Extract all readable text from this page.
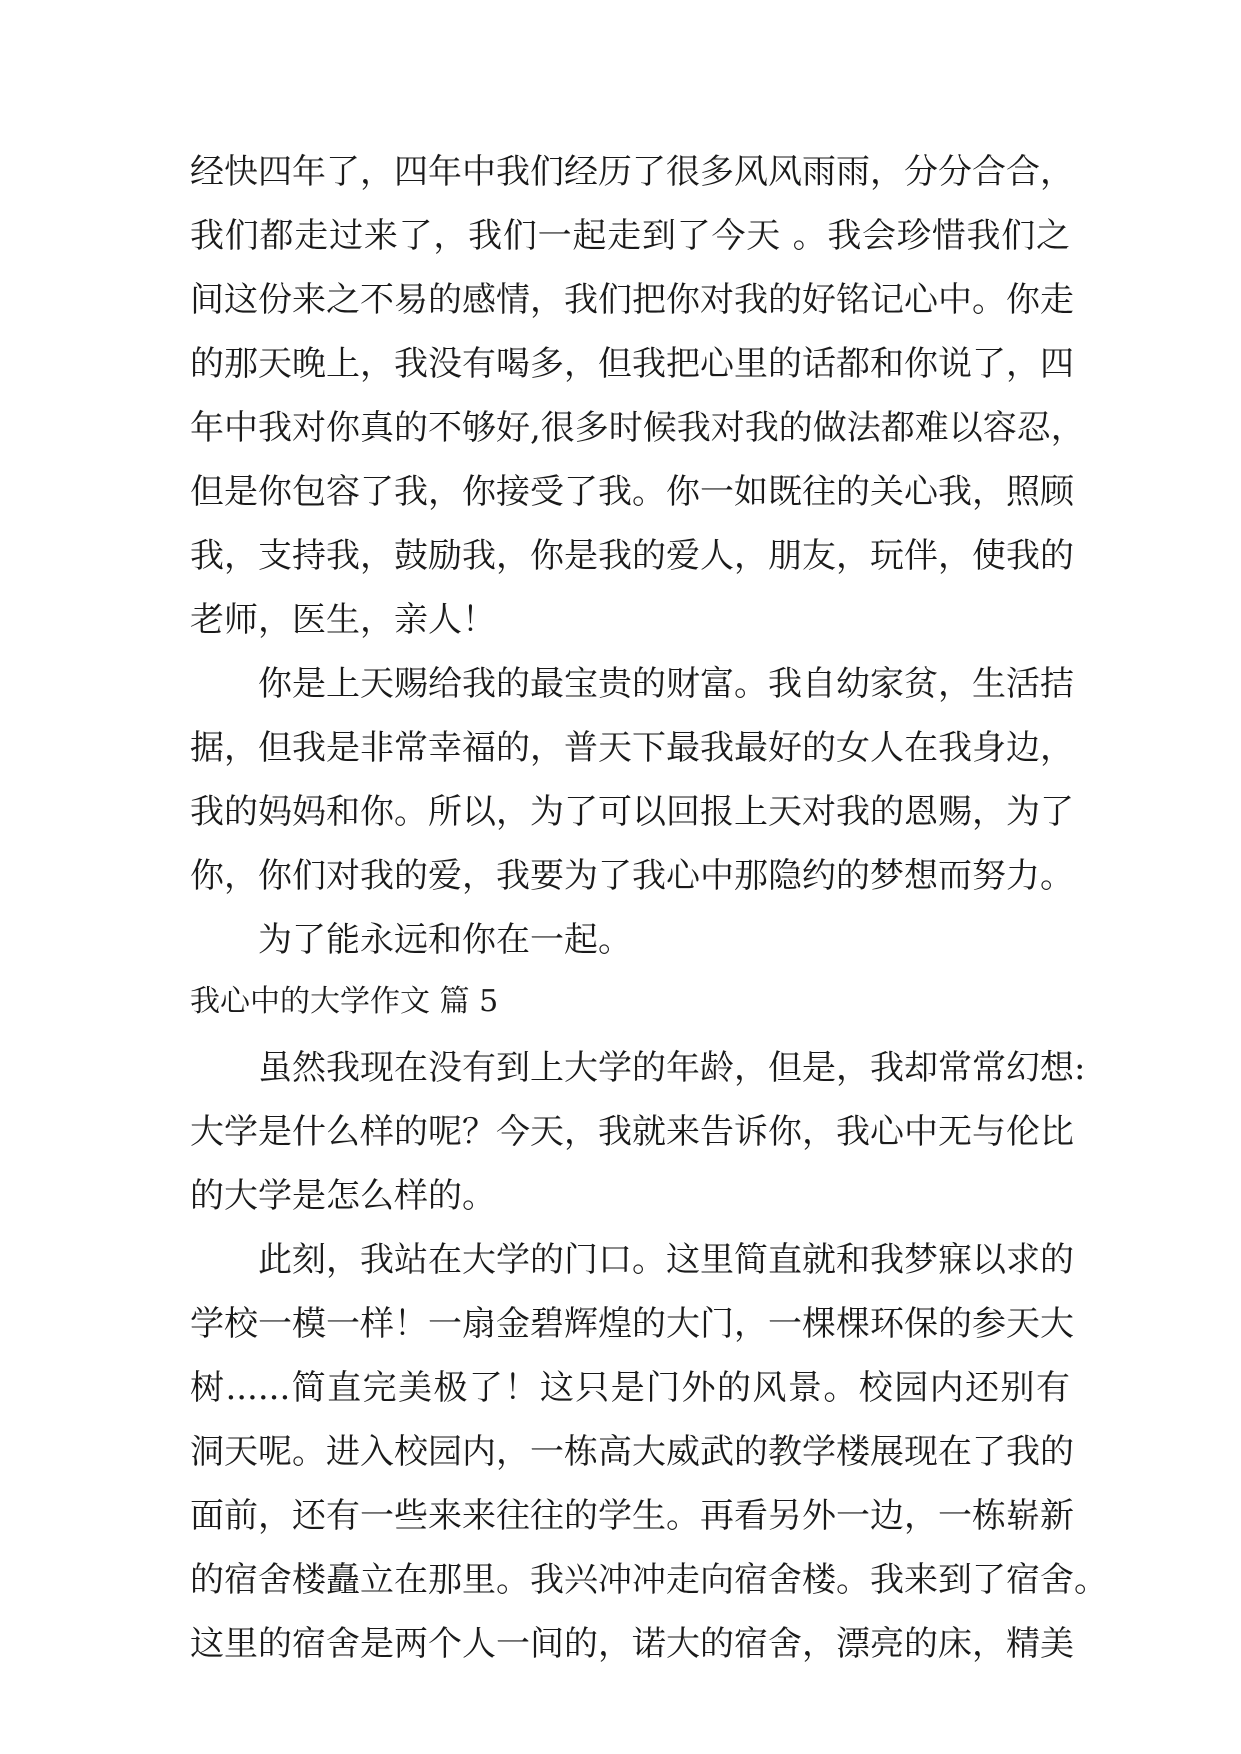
经快四年了，四年中我们经历了很多风风雨雨，分分合合，
我们都走过来了，我们一起走到了今天 。我会珍惜我们之
间这份来之不易的感情，我们把你对我的好铭记心中。你走
的那天晚上，我没有喝多，但我把心里的话都和你说了，四
年中我对你真的不够好,很多时候我对我的做法都难以容忍，
但是你包容了我，你接受了我。你一如既往的关心我，照顾
我，支持我，鼓励我，你是我的爱人，朋友，玩伴，使我的
老师，医生，亲人！
你是上天赐给我的最宝贵的财富。我自幼家贫，生活拮
据，但我是非常幸福的，普天下最我最好的女人在我身边，
我的妈妈和你。所以，为了可以回报上天对我的恩赐，为了
你，你们对我的爱，我要为了我心中那隐约的梦想而努力。
为了能永远和你在一起。
我心中的大学作文 篇 5
虽然我现在没有到上大学的年龄，但是，我却常常幻想:
大学是什么样的呢？今天，我就来告诉你，我心中无与伦比
的大学是怎么样的。
此刻，我站在大学的门口。这里简直就和我梦寐以求的
学校一模一样！一扇金碧辉煌的大门，一棵棵环保的参天大
树......简直完美极了！这只是门外的风景。校园内还别有
洞天呢。进入校园内，一栋高大威武的教学楼展现在了我的
面前，还有一些来来往往的学生。再看另外一边，一栋崭新
的宿舍楼矗立在那里。我兴冲冲走向宿舍楼。我来到了宿舍。
这里的宿舍是两个人一间的，诺大的宿舍，漂亮的床，精美
